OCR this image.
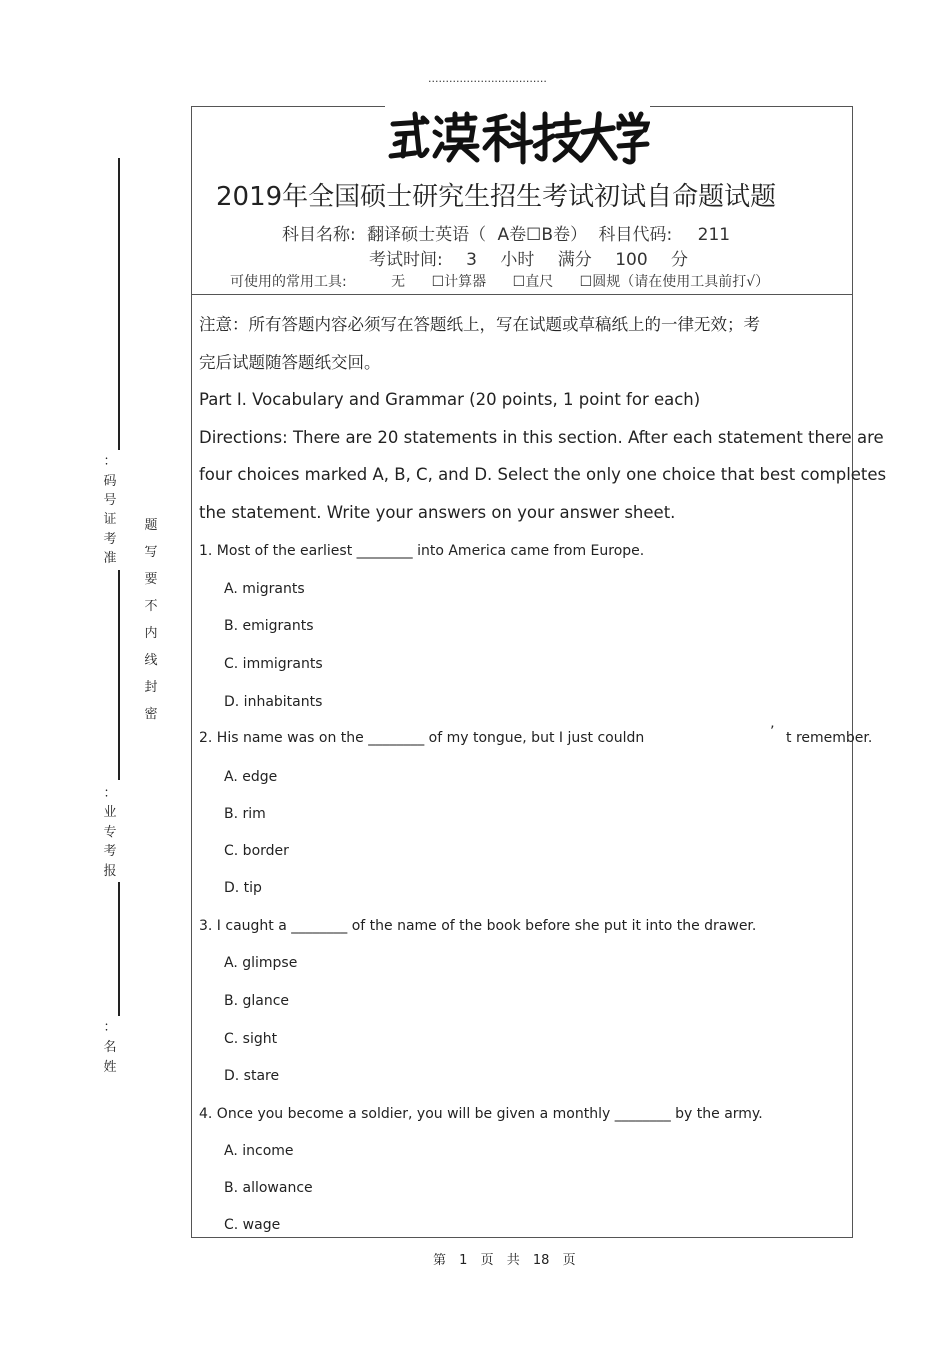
..................................
2019年全国硕士研究生招生考试初试自命题试题
科目名称: 翻译硕士英语（ A卷☐B卷） 科目代码: 211
考试时间: 3 小时 满分 100 分
可使用的常用工具:	无 ☐计算器 ☐直尺 ☐圆规（请在使用工具前打√）
注意：所有答题内容必须写在答题纸上，写在试题或草稿纸上的一律无效；考
完后试题随答题纸交回。
Part I. Vocabulary and Grammar (20 points, 1 point for each)
Directions: There are 20 statements in this section. After each statement there are
four choices marked A, B, C, and D. Select the only one choice that best completes
the statement. Write your answers on your answer sheet.
1. Most of the earliest ________ into America came from Europe.
A. migrants
B. emigrants
C. immigrants
D. inhabitants
2. His name was on the ________ of my tongue, but I just couldn	’ t remember.
A. edge
B. rim
C. border
D. tip
3. I caught a ________ of the name of the book before she put it into the drawer.
A. glimpse
B. glance
C. sight
D. stare
4. Once you become a soldier, you will be given a monthly ________ by the army.
A. income
B. allowance
C. wage
：
码
号
证
考
准
题
写
要
不
内
线
封
密
：
业
专
考
报
：
名
姓
第 1 页 共 18 页
